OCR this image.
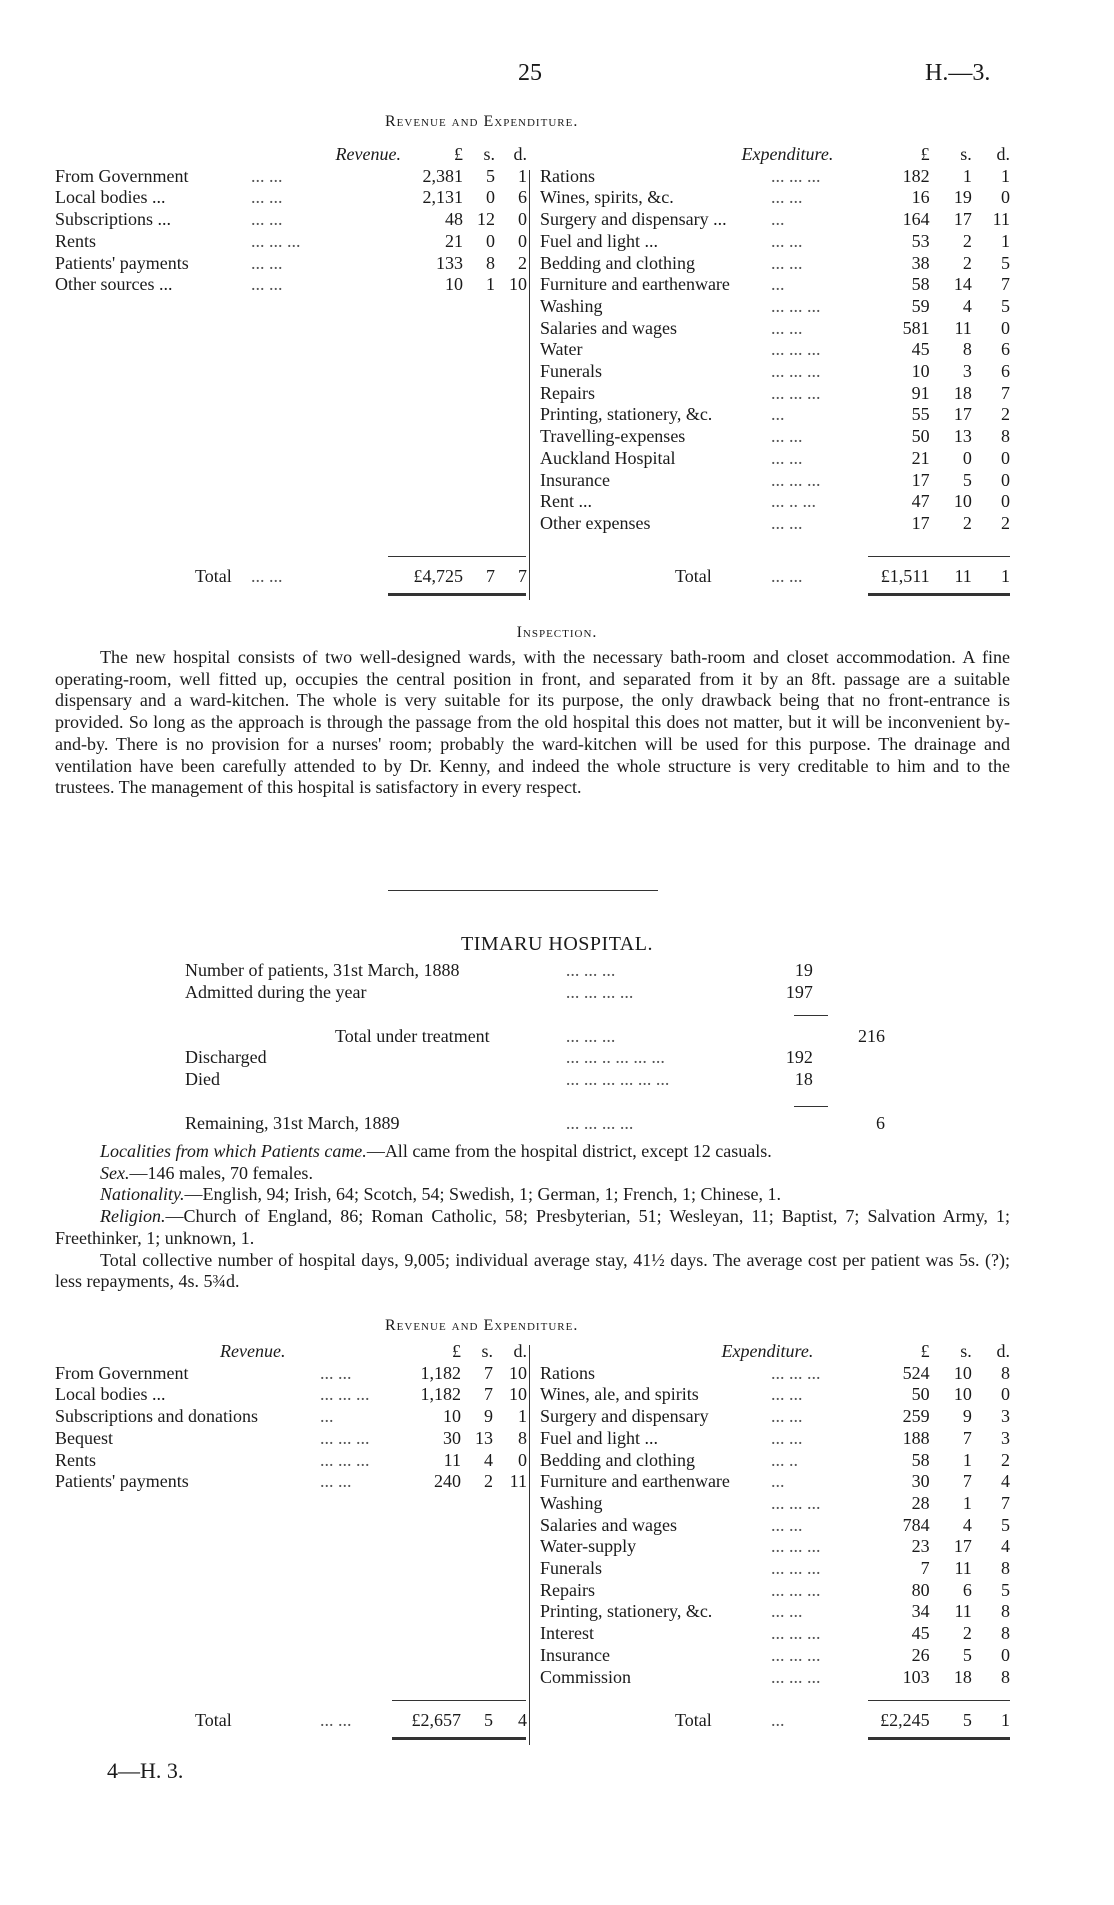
25	H.—3.
Revenue and Expenditure.
Revenue.		£	s.	d.
From Government	... ...	2,381	5	1
Local bodies ...	... ...	2,131	0	6
Subscriptions ...	... ...	48	12	0
Rents	... ... ...	21	0	0
Patients' payments	... ...	133	8	2
Other sources ...	... ...	10	1	10
Expenditure.		£	s.	d.
Rations	... ... ...	182	1	1
Wines, spirits, &c.	... ...	16	19	0
Surgery and dispensary ...	...	164	17	11
Fuel and light ...	... ...	53	2	1
Bedding and clothing	... ...	38	2	5
Furniture and earthenware	...	58	14	7
Washing	... ... ...	59	4	5
Salaries and wages	... ...	581	11	0
Water	... ... ...	45	8	6
Funerals	... ... ...	10	3	6
Repairs	... ... ...	91	18	7
Printing, stationery, &c.	...	55	17	2
Travelling-expenses	... ...	50	13	8
Auckland Hospital	... ...	21	0	0
Insurance	... ... ...	17	5	0
Rent ...	... .. ...	47	10	0
Other expenses	... ...	17	2	2
Total	... ...	£4,725	7	7	Total	... ...	£1,511	11	1
Inspection.

The new hospital consists of two well-designed wards, with the necessary bath-room and closet accommodation. A fine operating-room, well fitted up, occupies the central position in front, and separated from it by an 8ft. passage are a suitable dispensary and a ward-kitchen. The whole is very suitable for its purpose, the only drawback being that no front-entrance is provided. So long as the approach is through the passage from the old hospital this does not matter, but it will be inconvenient by-and-by. There is no provision for a nurses' room; probably the ward-kitchen will be used for this purpose. The drainage and ventilation have been carefully attended to by Dr. Kenny, and indeed the whole structure is very creditable to him and to the trustees. The management of this hospital is satisfactory in every respect.

TIMARU HOSPITAL.
Number of patients, 31st March, 1888	... ... ...	19	
Admitted during the year	... ... ... ...	197	
Total under treatment	... ... ...		216
Discharged	... ... .. ... ... ...	192	
Died	... ... ... ... ... ...	18	
Remaining, 31st March, 1889	... ... ... ...		6

Localities from which Patients came.—All came from the hospital district, except 12 casuals.

Sex.—146 males, 70 females.

Nationality.—English, 94; Irish, 64; Scotch, 54; Swedish, 1; German, 1; French, 1; Chinese, 1.

Religion.—Church of England, 86; Roman Catholic, 58; Presbyterian, 51; Wesleyan, 11; Baptist, 7; Salvation Army, 1; Freethinker, 1; unknown, 1.

Total collective number of hospital days, 9,005; individual average stay, 41½ days. The average cost per patient was 5s. (?); less repayments, 4s. 5¾d.

Revenue and Expenditure.
Revenue.		£	s.	d.
From Government	... ...	1,182	7	10
Local bodies ...	... ... ...	1,182	7	10
Subscriptions and donations	...	10	9	1
Bequest	... ... ...	30	13	8
Rents	... ... ...	11	4	0
Patients' payments	... ...	240	2	11
Expenditure.		£	s.	d.
Rations	... ... ...	524	10	8
Wines, ale, and spirits	... ...	50	10	0
Surgery and dispensary	... ...	259	9	3
Fuel and light ...	... ...	188	7	3
Bedding and clothing	... ..	58	1	2
Furniture and earthenware	...	30	7	4
Washing	... ... ...	28	1	7
Salaries and wages	... ...	784	4	5
Water-supply	... ... ...	23	17	4
Funerals	... ... ...	7	11	8
Repairs	... ... ...	80	6	5
Printing, stationery, &c.	... ...	34	11	8
Interest	... ... ...	45	2	8
Insurance	... ... ...	26	5	0
Commission	... ... ...	103	18	8
Total	... ...	£2,657	5	4	Total	...	£2,245	5	1
4—H. 3.
